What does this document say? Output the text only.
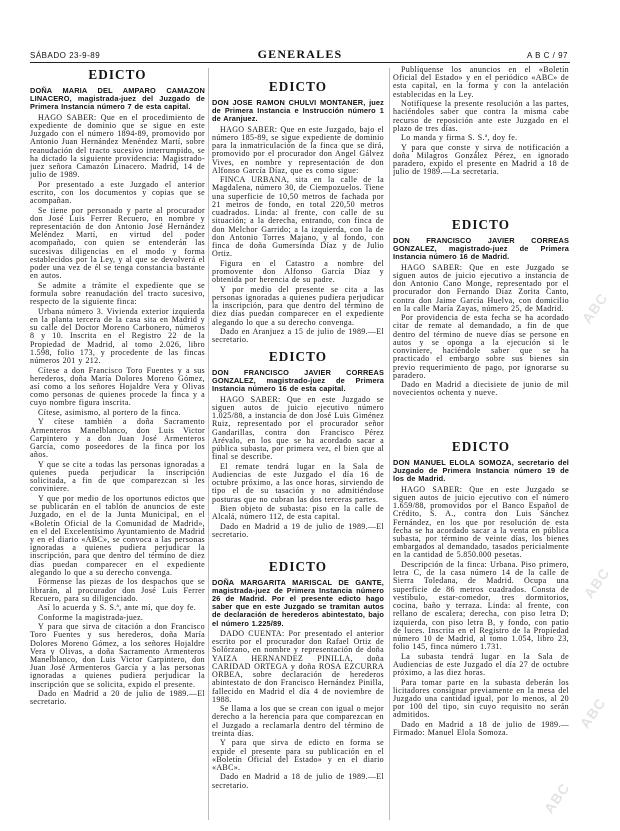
SÁBADO 23-9-89	GENERALES	A B C / 97
EDICTO
DOÑA MARIA DEL AMPARO CAMAZON LINACERO, magistrada-juez del Juzgado de Primera Instancia número 7 de esta capital.

HAGO SABER: Que en el procedimiento de expediente de dominio que se sigue en este Juzgado con el número 1894-89, promovido por Antonio Juan Hernández Menéndez Martí, sobre reanudación del tracto sucesivo interrumpido, se ha dictado la siguiente providencia: Magistrado-juez señora Camazón Linacero. Madrid, 14 de julio de 1989.

Por presentado a este Juzgado el anterior escrito, con los documentos y copias que se acompañan.

Se tiene por personado y parte al procurador don José Luis Ferrer Recuero, en nombre y representación de don Antonio José Hernández Meléndez Martí, en virtud del poder acompañado, con quien se entenderán las sucesivas diligencias en el modo y forma establecidos por la Ley, y al que se devolverá el poder una vez de él se tenga constancia bastante en autos.

Se admite a trámite el expediente que se formula sobre reanudación del tracto sucesivo, respecto de la siguiente finca:

Urbana número 3. Vivienda exterior izquierda en la planta tercera de la casa sita en Madrid y su calle del Doctor Moreno Carbonero, números 8 y 10. Inscrita en el Registro 22 de la Propiedad de Madrid, al tomo 2.026, libro 1.598, folio 173, y procedente de las fincas números 201 y 212.

Cítese a don Francisco Toro Fuentes y a sus herederos, doña María Dolores Moreno Gómez, así como a los señores Hojaldre Vera y Olivas como personas de quienes procede la finca y a cuyo nombre figura inscrita.

Cítese, asimismo, al portero de la finca.

Y cítese también a doña Sacramento Armenteros Manelblanco, don Luis Victor Carpintero y a don Juan José Armenteros García, como poseedores de la finca por los años.

Y que se cite a todas las personas ignoradas a quienes pueda perjudicar la inscripción solicitada, a fin de que comparezcan si les conviniere.

Y que por medio de los oportunos edictos que se publicarán en el tablón de anuncios de este Juzgado, en el de la Junta Municipal, en el «Boletín Oficial de la Comunidad de Madrid», en el del Excelentísimo Ayuntamiento de Madrid y en el diario «ABC», se convoca a las personas ignoradas a quienes pudiera perjudicar la inscripción, para que dentro del término de diez días puedan comparecer en el expediente alegando lo que a su derecho convenga.

Fórmense las piezas de los despachos que se librarán, al procurador don José Luis Ferrer Recuero, para su diligenciado.

Así lo acuerda y S. S.ª, ante mí, que doy fe.

Conforme la magistrada-juez.

Y para que sirva de citación a don Francisco Toro Fuentes y sus herederos, doña María Dolores Moreno Gómez, a los señores Hojaldre Vera y Olivas, a doña Sacramento Armenteros Manelblanco, don Luis Victor Carpintero, don Juan José Armenteros García y a las personas ignoradas a quienes pudiera perjudicar la inscripción que se solicita, expido el presente.

Dado en Madrid a 20 de julio de 1989.—El secretario.

EDICTO
DON JOSE RAMON CHULVI MONTANER, juez de Primera Instancia e Instrucción número 1 de Aranjuez.

HAGO SABER: Que en este Juzgado, bajo el número 185-89, se sigue expediente de dominio para la inmatriculación de la finca que se dirá, promovido por el procurador don Angel Gálvez Vives, en nombre y representación de don Alfonso García Díaz, que es como sigue:

FINCA URBANA, sita en la calle de la Magdalena, número 30, de Ciempozuelos. Tiene una superficie de 10,50 metros de fachada por 21 metros de fondo, en total 220,50 metros cuadrados. Linda: al frente, con calle de su situación; a la derecha, entrando, con finca de don Melchor Garrido; a la izquierda, con la de don Antonio Torres Majano, y al fondo, con finca de doña Gumersinda Díaz y de Julio Ortiz.

Figura en el Catastro a nombre del promovente don Alfonso García Díaz y obtenida por herencia de su padre.

Y por medio del presente se cita a las personas ignoradas a quienes pudiera perjudicar la inscripción, para que dentro del término de diez días puedan comparecer en el expediente alegando lo que a su derecho convenga.

Dado en Aranjuez a 15 de julio de 1989.—El secretario.

EDICTO
DON FRANCISCO JAVIER CORREAS GONZALEZ, magistrado-juez de Primera Instancia número 16 de esta capital.

HAGO SABER: Que en este Juzgado se siguen autos de juicio ejecutivo número 1.025/88, a instancia de don José Luis Giménez Ruiz, representado por el procurador señor Gandarillas, contra don Francisco Pérez Arévalo, en los que se ha acordado sacar a pública subasta, por primera vez, el bien que al final se describe.

El remate tendrá lugar en la Sala de Audiencias de este Juzgado el día 16 de octubre próximo, a las once horas, sirviendo de tipo el de su tasación y no admitiéndose posturas que no cubran las dos terceras partes.

Bien objeto de subasta: piso en la calle de Alcalá, número 112, de esta capital.

Dado en Madrid a 19 de julio de 1989.—El secretario.

EDICTO
DOÑA MARGARITA MARISCAL DE GANTE, magistrada-juez de Primera Instancia número 26 de Madrid. Por el presente edicto hago saber que en este Juzgado se tramitan autos de declaración de herederos abintestato, bajo el número 1.225/89.

DADO CUENTA: Por presentado el anterior escrito por el procurador don Rafael Ortiz de Solórzano, en nombre y representación de doña YAIZA HERNANDEZ PINILLA, doña CARIDAD ORTEGA y doña ROSA EZCURRA ORBEA, sobre declaración de herederos abintestato de don Francisco Hernández Pinilla, fallecido en Madrid el día 4 de noviembre de 1988.

Se llama a los que se crean con igual o mejor derecho a la herencia para que comparezcan en el Juzgado a reclamarla dentro del término de treinta días.

Y para que sirva de edicto en forma se expide el presente para su publicación en el «Boletín Oficial del Estado» y en el diario «ABC».

Dado en Madrid a 18 de julio de 1989.—El secretario.

Publíquense los anuncios en el «Boletín Oficial del Estado» y en el periódico «ABC» de esta capital, en la forma y con la antelación establecidas en la Ley.

Notifíquese la presente resolución a las partes, haciéndoles saber que contra la misma cabe recurso de reposición ante este Juzgado en el plazo de tres días.

Lo manda y firma S. S.ª, doy fe.

Y para que conste y sirva de notificación a doña Milagros González Pérez, en ignorado paradero, expido el presente en Madrid a 18 de julio de 1989.—La secretaria.

EDICTO
DON FRANCISCO JAVIER CORREAS GONZALEZ, magistrado-juez de Primera Instancia número 16 de Madrid.

HAGO SABER: Que en este Juzgado se siguen autos de juicio ejecutivo a instancia de don Antonio Cano Monge, representado por el procurador don Fernando Díaz Zorita Canto, contra don Jaime García Huelva, con domicilio en la calle María Zayas, número 25, de Madrid.

Por providencia de esta fecha se ha acordado citar de remate al demandado, a fin de que dentro del término de nueve días se persone en autos y se oponga a la ejecución si le conviniere, haciéndole saber que se ha practicado el embargo sobre sus bienes sin previo requerimiento de pago, por ignorarse su paradero.

Dado en Madrid a diecisiete de junio de mil novecientos ochenta y nueve.

EDICTO
DON MANUEL ELOLA SOMOZA, secretario del Juzgado de Primera Instancia número 19 de los de Madrid.

HAGO SABER: Que en este Juzgado se siguen autos de juicio ejecutivo con el número 1.659/88, promovidos por el Banco Español de Crédito, S. A., contra don Luis Sánchez Fernández, en los que por resolución de esta fecha se ha acordado sacar a la venta en pública subasta, por término de veinte días, los bienes embargados al demandado, tasados pericialmente en la cantidad de 5.850.000 pesetas.

Descripción de la finca: Urbana. Piso primero, letra C, de la casa número 14 de la calle de Sierra Toledana, de Madrid. Ocupa una superficie de 86 metros cuadrados. Consta de vestíbulo, estar-comedor, tres dormitorios, cocina, baño y terraza. Linda: al frente, con rellano de escalera; derecha, con piso letra D; izquierda, con piso letra B, y fondo, con patio de luces. Inscrita en el Registro de la Propiedad número 10 de Madrid, al tomo 1.054, libro 23, folio 145, finca número 1.731.

La subasta tendrá lugar en la Sala de Audiencias de este Juzgado el día 27 de octubre próximo, a las diez horas.

Para tomar parte en la subasta deberán los licitadores consignar previamente en la mesa del Juzgado una cantidad igual, por lo menos, al 20 por 100 del tipo, sin cuyo requisito no serán admitidos.

Dado en Madrid a 18 de julio de 1989.—Firmado: Manuel Elola Somoza.

ABC
ABC
ABC
ABC
